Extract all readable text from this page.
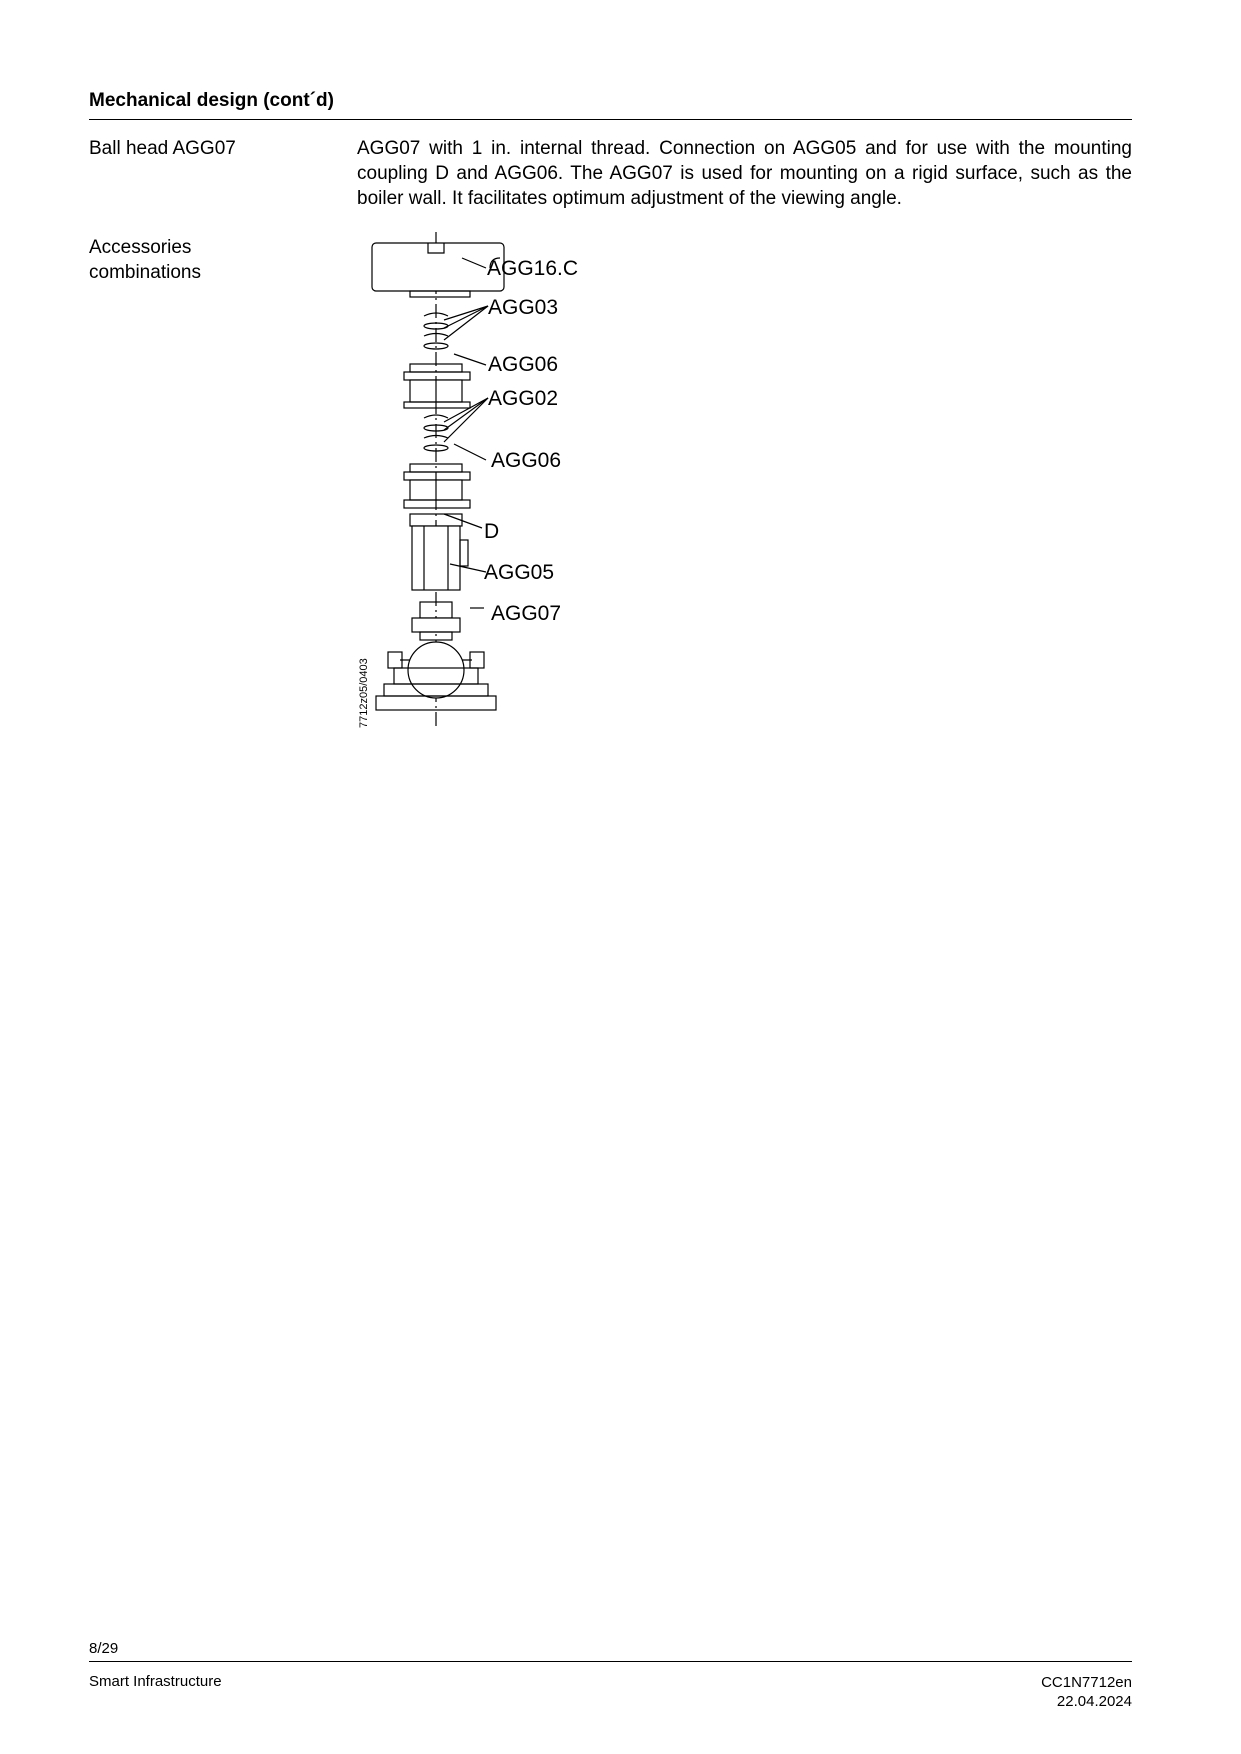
Mechanical design (cont´d)
Ball head AGG07	AGG07 with 1 in. internal thread. Connection on AGG05 and for use with the mounting coupling D and AGG06. The AGG07 is used for mounting on a rigid surface, such as the boiler wall. It facilitates optimum adjustment of the viewing angle.
Accessories
combinations	AGG16.C
AGG03
AGG06
AGG02
AGG06
D
AGG05
AGG07
7712z05/0403
8/29
Smart Infrastructure	CC1N7712en
22.04.2024
